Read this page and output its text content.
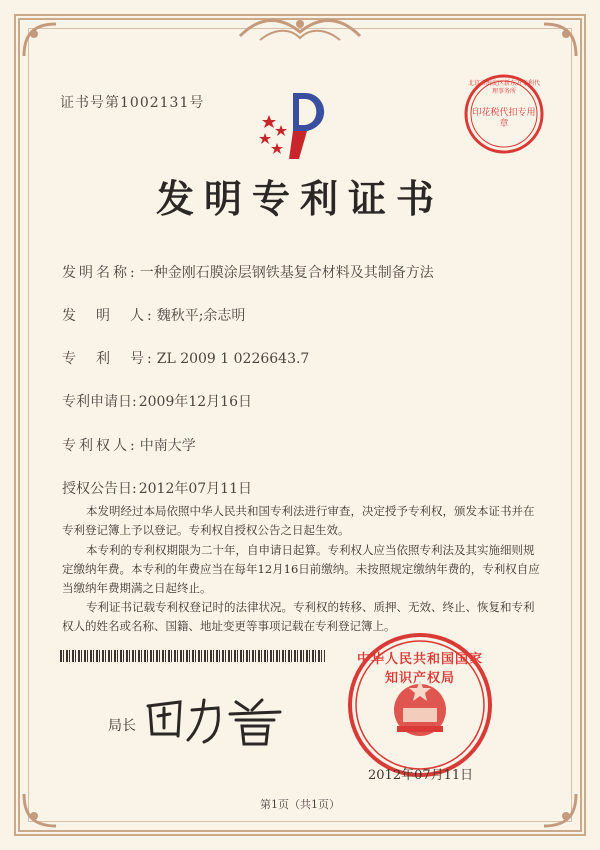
证书号第1002131号
印花税代扣专用章
北京市海淀区新东方专利代理事务所
发明专利证书
发明名称: 一种金刚石膜涂层钢铁基复合材料及其制备方法
发　明　人: 魏秋平;余志明
专　利　号: ZL 2009 1 0226643.7
专利申请日: 2009年12月16日
专利权人: 中南大学
授权公告日: 2012年07月11日
本发明经过本局依照中华人民共和国专利法进行审查，决定授予专利权，颁发本证书并在专利登记簿上予以登记。专利权自授权公告之日起生效。
本专利的专利权期限为二十年，自申请日起算。专利权人应当依照专利法及其实施细则规定缴纳年费。本专利的年费应当在每年12月16日前缴纳。未按照规定缴纳年费的，专利权自应当缴纳年费期满之日起终止。
专利证书记载专利权登记时的法律状况。专利权的转移、质押、无效、终止、恢复和专利权人的姓名或名称、国籍、地址变更等事项记载在专利登记簿上。
局长
中华人民共和国国家知识产权局
2012年07月11日
第1页（共1页）
